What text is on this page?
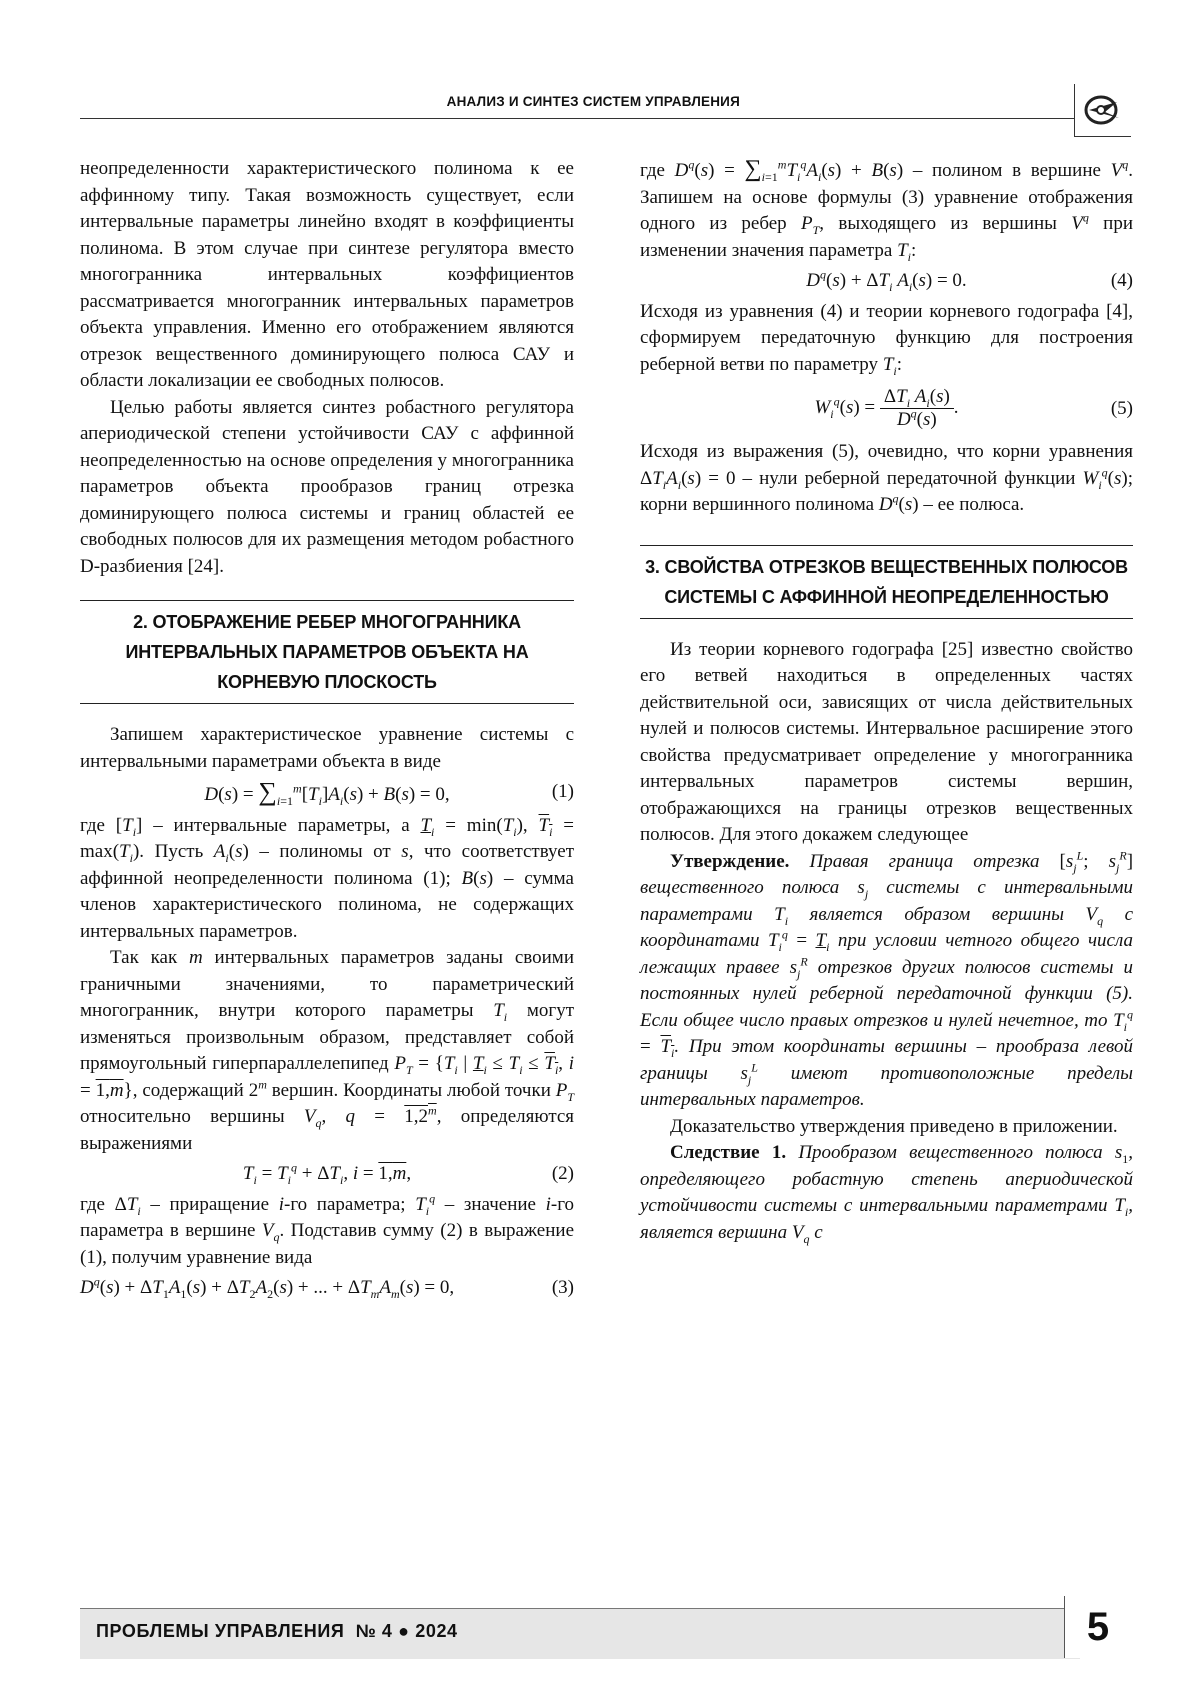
АНАЛИЗ И СИНТЕЗ СИСТЕМ УПРАВЛЕНИЯ

неопределенности характеристического полинома к ее аффинному типу. Такая возможность существует, если интервальные параметры линейно входят в коэффициенты полинома. В этом случае при синтезе регулятора вместо многогранника интервальных коэффициентов рассматривается многогранник интервальных параметров объекта управления. Именно его отображением являются отрезок вещественного доминирующего полюса САУ и области локализации ее свободных полюсов.

Целью работы является синтез робастного регулятора апериодической степени устойчивости САУ с аффинной неопределенностью на основе определения у многогранника параметров объекта прообразов границ отрезка доминирующего полюса системы и границ областей ее свободных полюсов для их размещения методом робастного D-разбиения [24].

2. ОТОБРАЖЕНИЕ РЕБЕР МНОГОГРАННИКА ИНТЕРВАЛЬНЫХ ПАРАМЕТРОВ ОБЪЕКТА НА КОРНЕВУЮ ПЛОСКОСТЬ

Запишем характеристическое уравнение системы с интервальными параметрами объекта в виде

$D(s) = \sum_{i=1}^m[T_i]A_i(s) + B(s) = 0$,	(1)

где $[T_i]$ – интервальные параметры, а $T_i = \min(T_i)$, $T_i = \max(T_i)$. Пусть $A_i(s)$ – полиномы от s, что соответствует аффинной неопределенности полинома (1); B(s) – сумма членов характеристического полинома, не содержащих интервальных параметров.

Так как m интервальных параметров заданы своими граничными значениями, то параметрический многогранник, внутри которого параметры $T_i$ могут изменяться произвольным образом, представляет собой прямоугольный гиперпараллелепипед $P_T = \{T_i$ | $T_i \le T_i \le T_i$, i = 1,m}, содержащий 2$^m$ вершин. Координаты любой точки $P_T$ относительно вершины $V_q$, $q = 1,2^m$, определяются выражениями

$T_i = T_i^q + \Delta T_i$, i = 1,m,	(2)

где $\Delta T_i$ – приращение i-го параметра; $T_i^q$ – значение i-го параметра в вершине $V_q$. Подставив сумму (2) в выражение (1), получим уравнение вида

$D^q(s) + \Delta T_1A_1(s) + \Delta T_2A_2(s)$ + ... + $\Delta T_mA_m(s) = 0$,	(3)

где $D^q(s) = \sum_{i=1}^mT_i^qA_i(s) + B(s)$ – полином в вершине $V^q$. Запишем на основе формулы (3) уравнение отображения одного из ребер $P_T$, выходящего из вершины $V^q$ при изменении значения параметра $T_i$:

$D^q(s) + \Delta T_i$ $A_i(s) = 0$.	(4)

Исходя из уравнения (4) и теории корневого годографа [4], сформируем передаточную функцию для построения реберной ветви по параметру $T_i$:

$W_i^q(s)$ =
$\Delta T_i$ $A_i(s)$
$D^q(s)$
.	(5)

Исходя из выражения (5), очевидно, что корни уравнения $\Delta T_iA_i(s) = 0$ – нули реберной передаточной функции $W_i^q(s)$; корни вершинного полинома $D^q(s)$ – ее полюса.

3. СВОЙСТВА ОТРЕЗКОВ ВЕЩЕСТВЕННЫХ ПОЛЮСОВ СИСТЕМЫ С АФФИННОЙ НЕОПРЕДЕЛЕННОСТЬЮ

Из теории корневого годографа [25] известно свойство его ветвей находиться в определенных частях действительной оси, зависящих от числа действительных нулей и полюсов системы. Интервальное расширение этого свойства предусматривает определение у многогранника интервальных параметров системы вершин, отображающихся на границы отрезков вещественных полюсов. Для этого докажем следующее

Утверждение. Правая граница отрезка [$s_j^L$; $s_j^R$] вещественного полюса $s_j$ системы с интервальными параметрами $T_i$ является образом вершины $V_q$ с координатами $T_i^q = T_i$ при условии четного общего числа лежащих правее $s_j^R$ отрезков других полюсов системы и постоянных нулей реберной передаточной функции (5). Если общее число правых отрезков и нулей нечетное, то $T_i^q = T_i$. При этом координаты вершины – прообраза левой границы $s_j^L$ имеют противоположные пределы интервальных параметров.

Доказательство утверждения приведено в приложении.

Следствие 1. Прообразом вещественного полюса $s_1$, определяющего робастную степень апериодической устойчивости системы с интервальными параметрами $T_i$, является вершина $V_q$ с

ПРОБЛЕМЫ УПРАВЛЕНИЯ  № 4 ● 2024	5
